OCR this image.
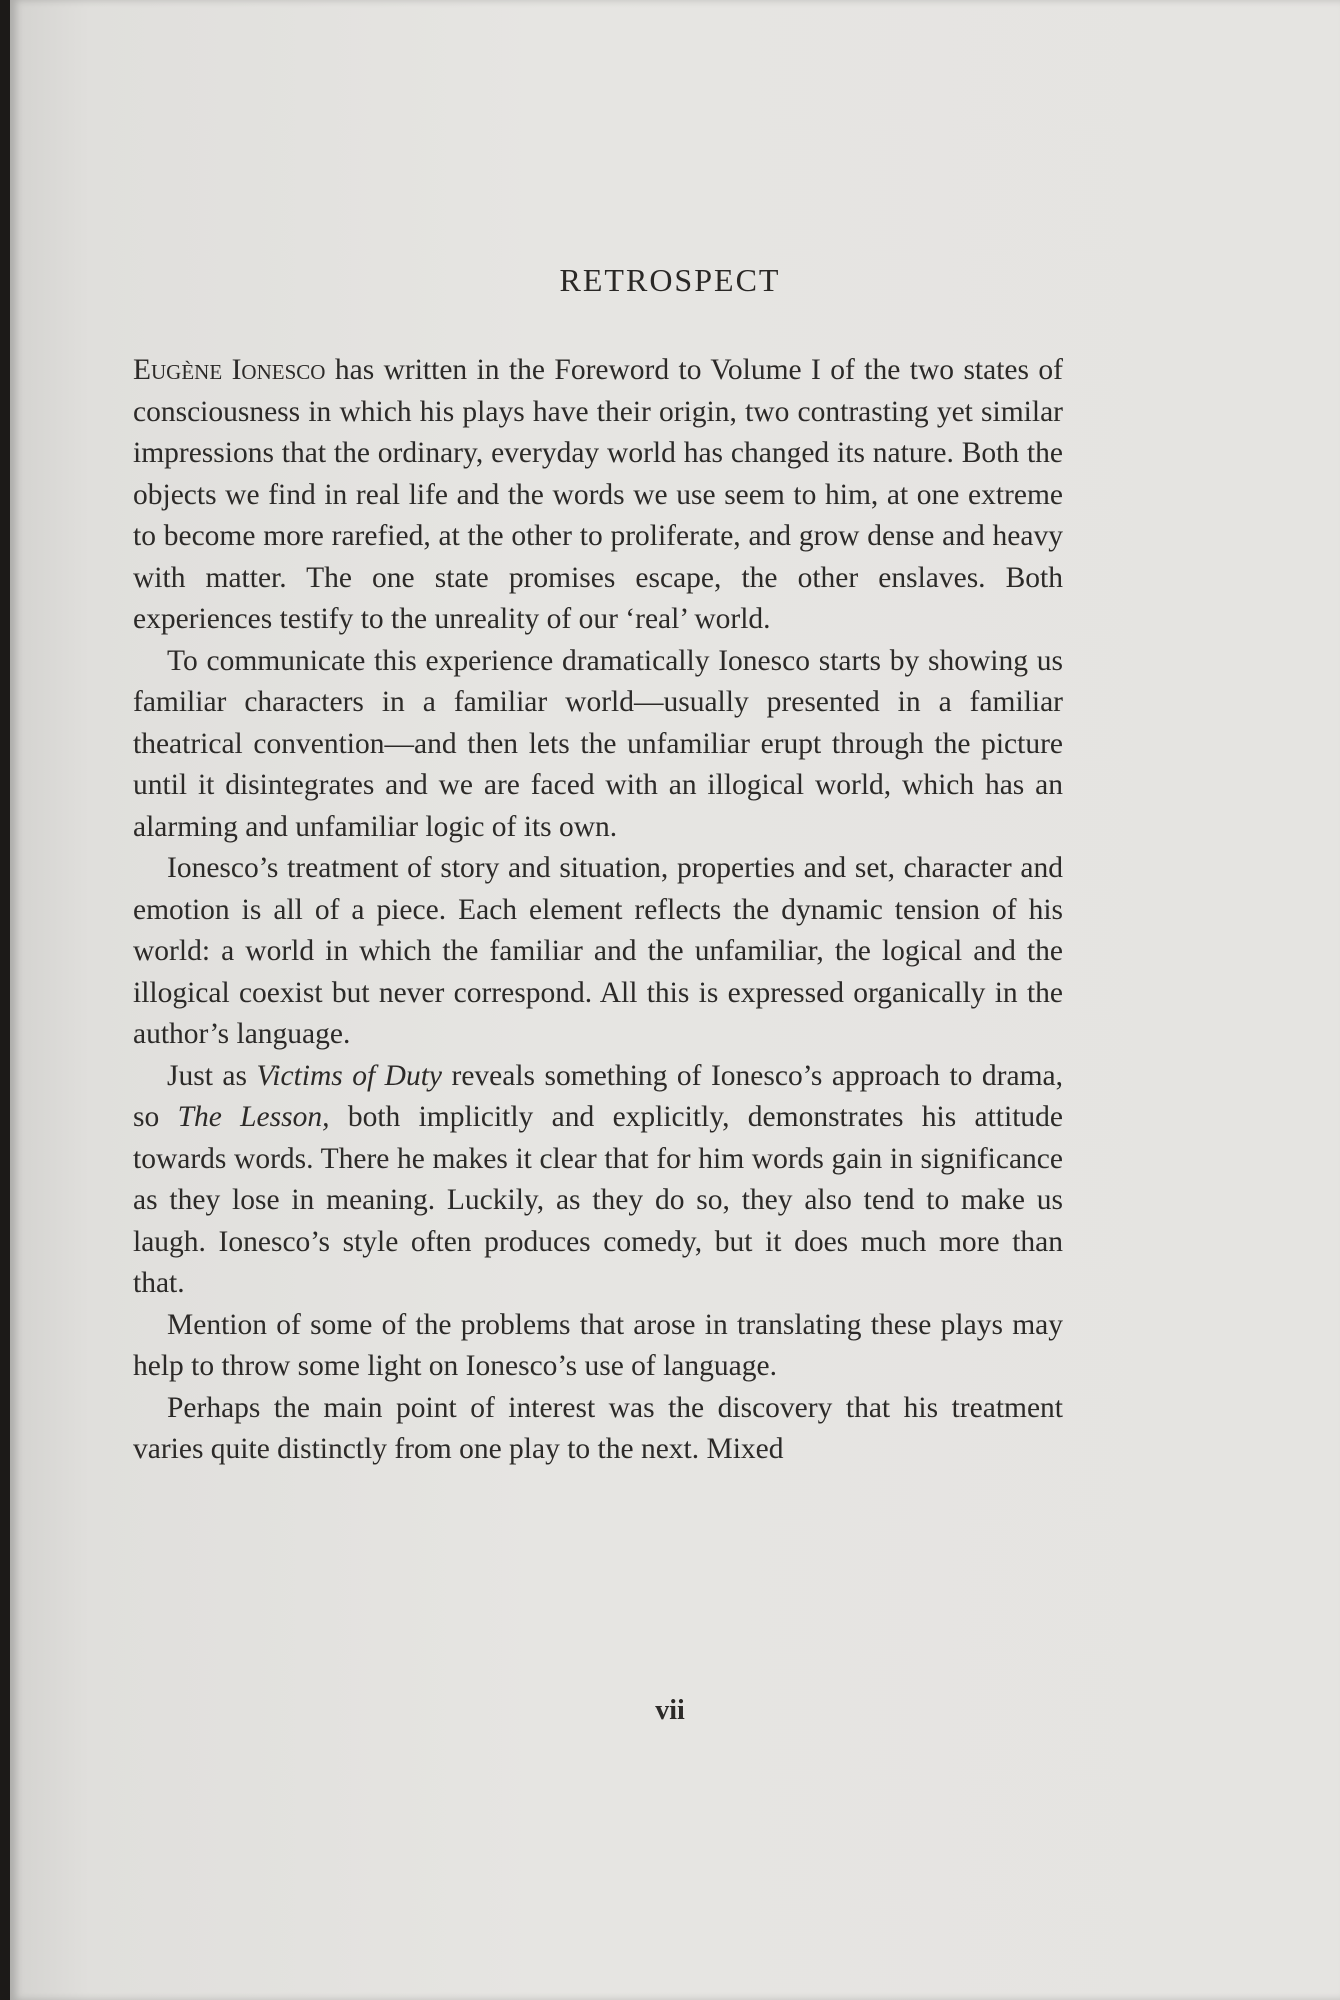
RETROSPECT

Eugène Ionesco has written in the Foreword to Volume I of the two states of consciousness in which his plays have their origin, two contrasting yet similar impressions that the ordinary, everyday world has changed its nature. Both the objects we find in real life and the words we use seem to him, at one extreme to become more rarefied, at the other to proliferate, and grow dense and heavy with matter. The one state promises escape, the other enslaves. Both experiences testify to the unreality of our ‘real’ world.

To communicate this experience dramatically Ionesco starts by showing us familiar characters in a familiar world—usually presented in a familiar theatrical convention—and then lets the unfamiliar erupt through the picture until it disintegrates and we are faced with an illogical world, which has an alarming and unfamiliar logic of its own.

Ionesco’s treatment of story and situation, properties and set, character and emotion is all of a piece. Each element reflects the dynamic tension of his world: a world in which the familiar and the unfamiliar, the logical and the illogical coexist but never correspond. All this is expressed organically in the author’s language.

Just as Victims of Duty reveals something of Ionesco’s approach to drama, so The Lesson, both implicitly and explicitly, demonstrates his attitude towards words. There he makes it clear that for him words gain in significance as they lose in meaning. Luckily, as they do so, they also tend to make us laugh. Ionesco’s style often produces comedy, but it does much more than that.

Mention of some of the problems that arose in translating these plays may help to throw some light on Ionesco’s use of language.

Perhaps the main point of interest was the discovery that his treatment varies quite distinctly from one play to the next. Mixed

vii
